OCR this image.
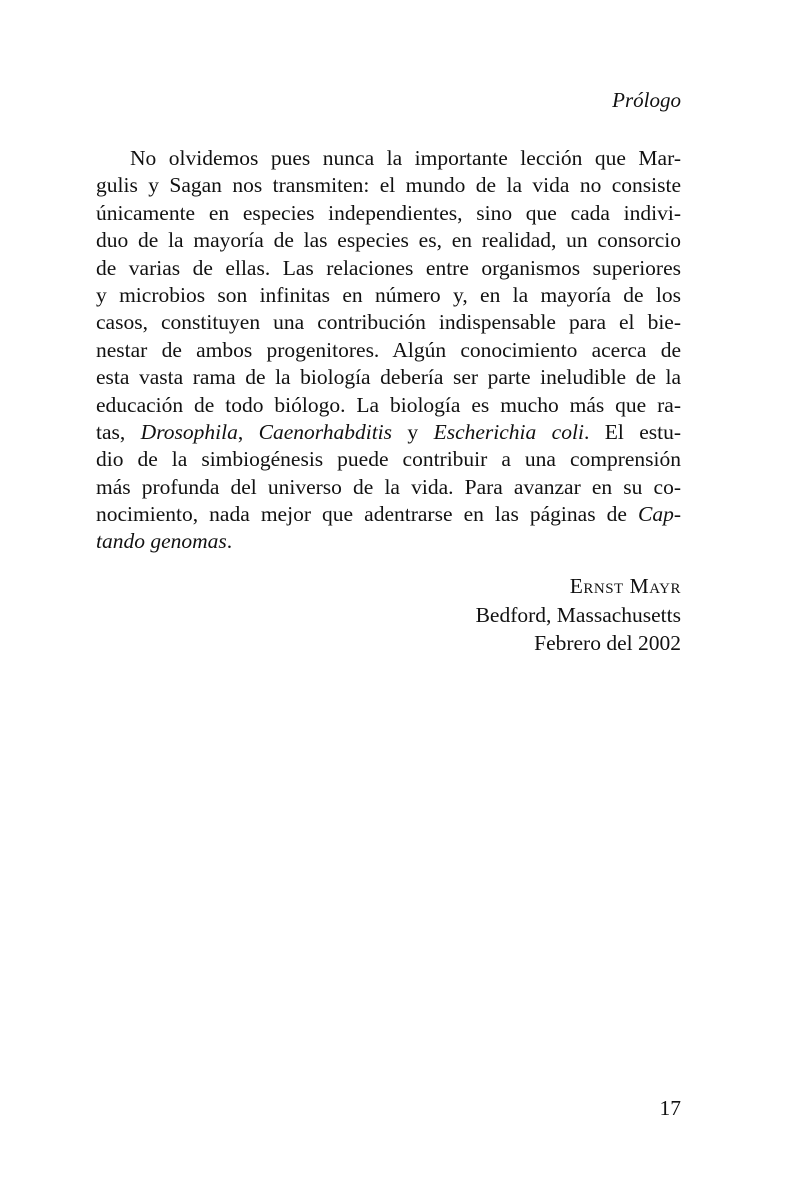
Prólogo
No olvidemos pues nunca la importante lección que Mar-
gulis y Sagan nos transmiten: el mundo de la vida no consiste
únicamente en especies independientes, sino que cada indivi-
duo de la mayoría de las especies es, en realidad, un consorcio
de varias de ellas. Las relaciones entre organismos superiores
y microbios son infinitas en número y, en la mayoría de los
casos, constituyen una contribución indispensable para el bie-
nestar de ambos progenitores. Algún conocimiento acerca de
esta vasta rama de la biología debería ser parte ineludible de la
educación de todo biólogo. La biología es mucho más que ra-
tas, Drosophila, Caenorhabditis y Escherichia coli. El estu-
dio de la simbiogénesis puede contribuir a una comprensión
más profunda del universo de la vida. Para avanzar en su co-
nocimiento, nada mejor que adentrarse en las páginas de Cap-
tando genomas.
Ernst Mayr
Bedford, Massachusetts
Febrero del 2002
17
